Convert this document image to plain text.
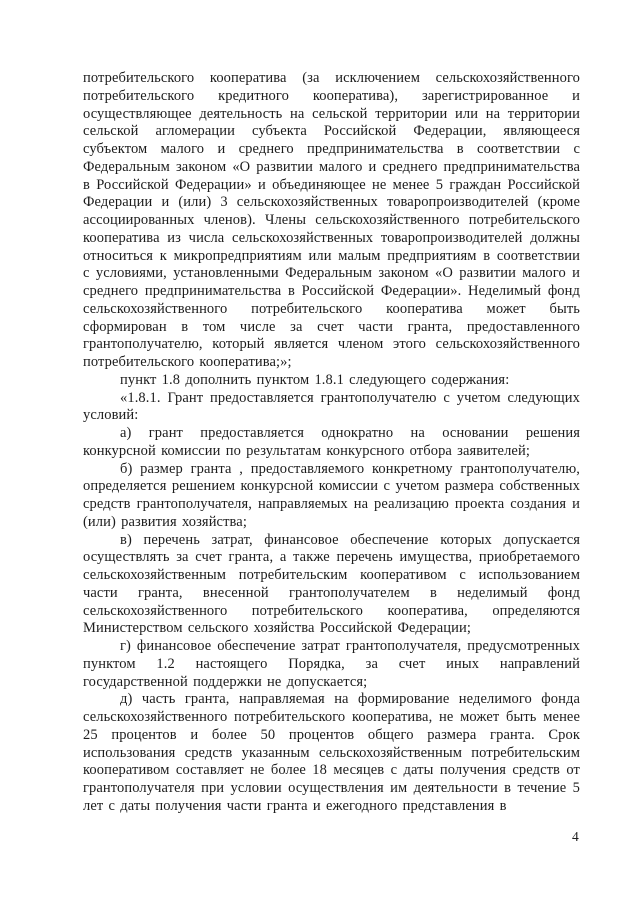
потребительского кооператива (за исключением сельскохозяйственного потребительского кредитного кооператива), зарегистрированное и осуществляющее деятельность на сельской территории или на территории сельской агломерации субъекта Российской Федерации, являющееся субъектом малого и среднего предпринимательства в соответствии с Федеральным законом «О развитии малого и среднего предпринимательства в Российской Федерации» и объединяющее не менее 5 граждан Российской Федерации и (или) 3 сельскохозяйственных товаропроизводителей (кроме ассоциированных членов). Члены сельскохозяйственного потребительского кооператива из числа сельскохозяйственных товаропроизводителей должны относиться к микропредприятиям или малым предприятиям в соответствии с условиями, установленными Федеральным законом «О развитии малого и среднего предпринимательства в Российской Федерации». Неделимый фонд сельскохозяйственного потребительского кооператива может быть сформирован в том числе за счет части гранта, предоставленного грантополучателю, который является членом этого сельскохозяйственного потребительского кооператива;»;

пункт 1.8 дополнить пунктом 1.8.1 следующего содержания:

«1.8.1. Грант предоставляется грантополучателю с учетом следующих условий:

а) грант предоставляется однократно на основании решения конкурсной комиссии по результатам конкурсного отбора заявителей;

б) размер гранта , предоставляемого конкретному грантополучателю, определяется решением конкурсной комиссии с учетом размера собственных средств грантополучателя, направляемых на реализацию проекта создания и (или) развития хозяйства;

в) перечень затрат, финансовое обеспечение которых допускается осуществлять за счет гранта, а также перечень имущества, приобретаемого сельскохозяйственным потребительским кооперативом с использованием части гранта, внесенной грантополучателем в неделимый фонд сельскохозяйственного потребительского кооператива, определяются Министерством сельского хозяйства Российской Федерации;

г) финансовое обеспечение затрат грантополучателя, предусмотренных пунктом 1.2 настоящего Порядка, за счет иных направлений государственной поддержки не допускается;

д) часть гранта, направляемая на формирование неделимого фонда сельскохозяйственного потребительского кооператива, не может быть менее 25 процентов и более 50 процентов общего размера гранта. Срок использования средств указанным сельскохозяйственным потребительским кооперативом составляет не более 18 месяцев с даты получения средств от грантополучателя при условии осуществления им деятельности в течение 5 лет с даты получения части гранта и ежегодного представления в

4
